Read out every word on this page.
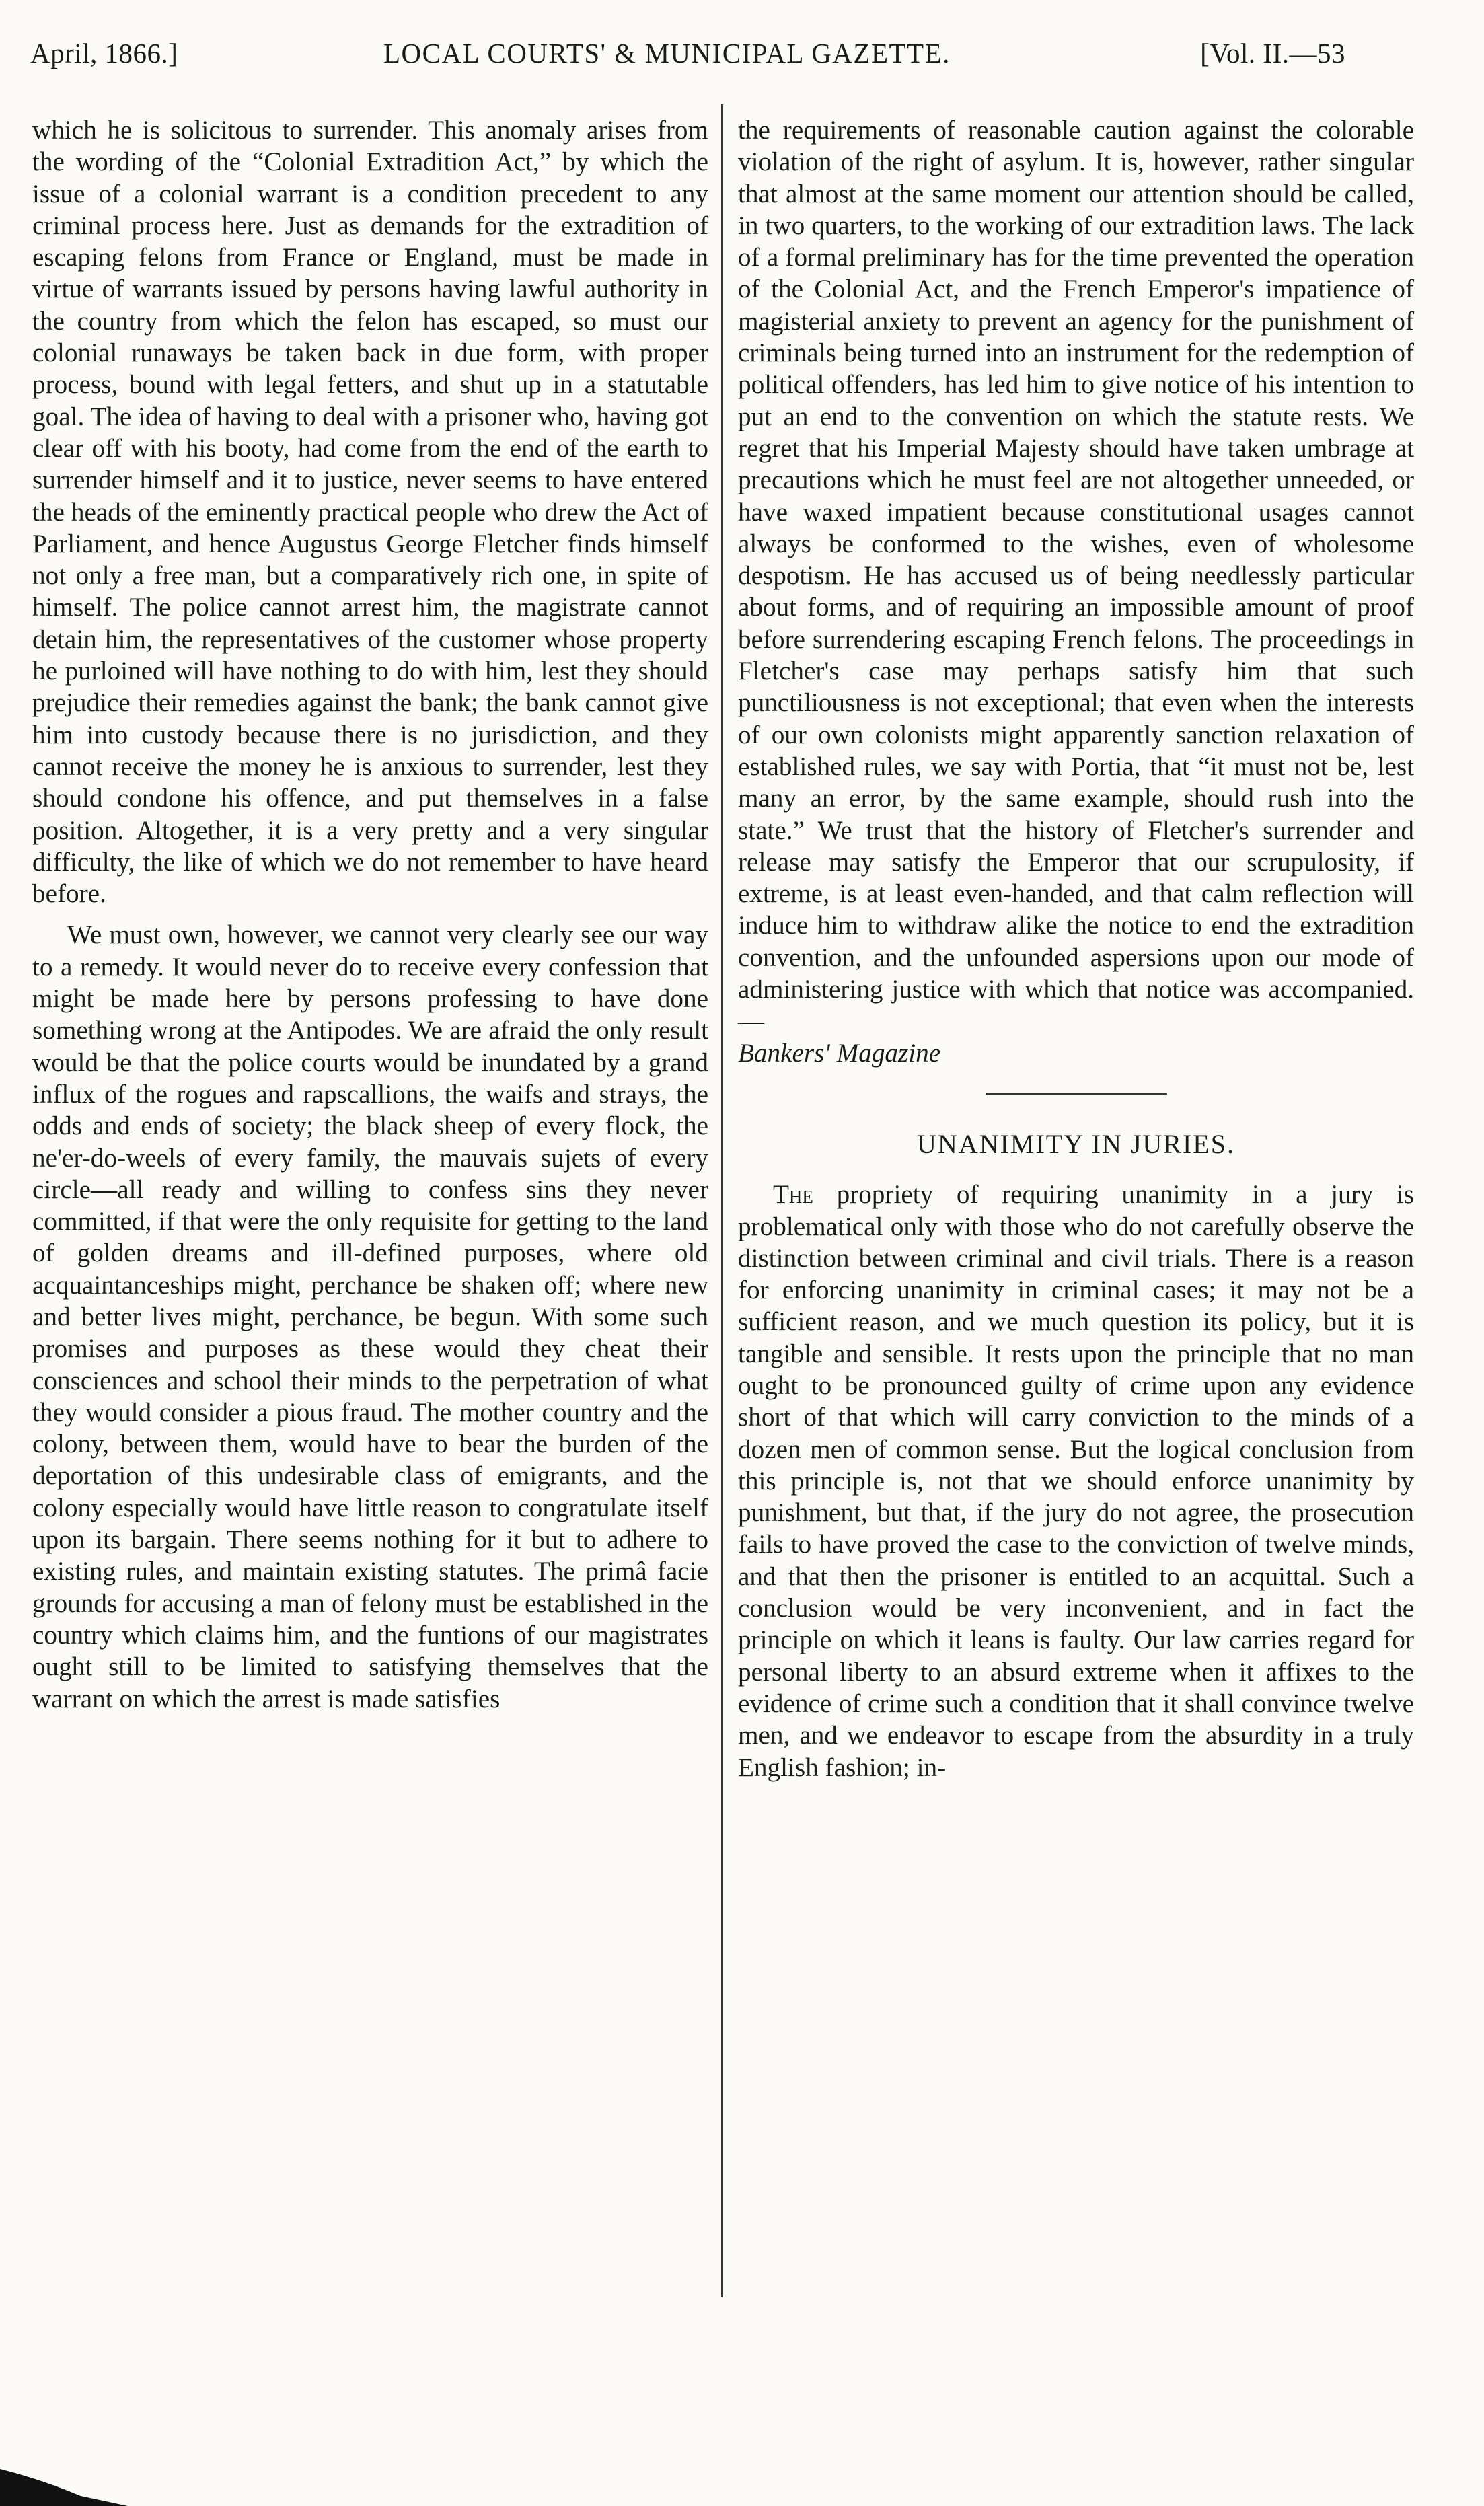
April, 1866.]	LOCAL COURTS' & MUNICIPAL GAZETTE.	[Vol. II.—53

which he is solicitous to surrender. This anomaly arises from the wording of the “Colonial Extradition Act,” by which the issue of a colonial warrant is a condition precedent to any criminal process here. Just as demands for the extradition of escaping felons from France or England, must be made in virtue of warrants issued by persons having lawful authority in the country from which the felon has escaped, so must our colonial runaways be taken back in due form, with proper process, bound with legal fetters, and shut up in a statutable goal. The idea of having to deal with a prisoner who, having got clear off with his booty, had come from the end of the earth to surrender himself and it to justice, never seems to have entered the heads of the eminently practical people who drew the Act of Parliament, and hence Augustus George Fletcher finds himself not only a free man, but a comparatively rich one, in spite of himself. The police cannot arrest him, the magistrate cannot detain him, the representatives of the customer whose property he purloined will have nothing to do with him, lest they should prejudice their remedies against the bank; the bank cannot give him into custody because there is no jurisdiction, and they cannot receive the money he is anxious to surrender, lest they should condone his offence, and put themselves in a false position. Altogether, it is a very pretty and a very singular difficulty, the like of which we do not remember to have heard before.

We must own, however, we cannot very clearly see our way to a remedy. It would never do to receive every confession that might be made here by persons professing to have done something wrong at the Antipodes. We are afraid the only result would be that the police courts would be inundated by a grand influx of the rogues and rapscallions, the waifs and strays, the odds and ends of society; the black sheep of every flock, the ne'er-do-weels of every family, the mauvais sujets of every circle—all ready and willing to confess sins they never committed, if that were the only requisite for getting to the land of golden dreams and ill-defined purposes, where old acquaintanceships might, perchance be shaken off; where new and better lives might, perchance, be begun. With some such promises and purposes as these would they cheat their consciences and school their minds to the perpetration of what they would consider a pious fraud. The mother country and the colony, between them, would have to bear the burden of the deportation of this undesirable class of emigrants, and the colony especially would have little reason to congratulate itself upon its bargain. There seems nothing for it but to adhere to existing rules, and maintain existing statutes. The primâ facie grounds for accusing a man of felony must be established in the country which claims him, and the funtions of our magistrates ought still to be limited to satisfying themselves that the warrant on which the arrest is made satisfies

the requirements of reasonable caution against the colorable violation of the right of asylum. It is, however, rather singular that almost at the same moment our attention should be called, in two quarters, to the working of our extradition laws. The lack of a formal preliminary has for the time prevented the operation of the Colonial Act, and the French Emperor's impatience of magisterial anxiety to prevent an agency for the punishment of criminals being turned into an instrument for the redemption of political offenders, has led him to give notice of his intention to put an end to the convention on which the statute rests. We regret that his Imperial Majesty should have taken umbrage at precautions which he must feel are not altogether unneeded, or have waxed impatient because constitutional usages cannot always be conformed to the wishes, even of wholesome despotism. He has accused us of being needlessly particular about forms, and of requiring an impossible amount of proof before surrendering escaping French felons. The proceedings in Fletcher's case may perhaps satisfy him that such punctiliousness is not exceptional; that even when the interests of our own colonists might apparently sanction relaxation of established rules, we say with Portia, that “it must not be, lest many an error, by the same example, should rush into the state.” We trust that the history of Fletcher's surrender and release may satisfy the Emperor that our scrupulosity, if extreme, is at least even-handed, and that calm reflection will induce him to withdraw alike the notice to end the extradition convention, and the unfounded aspersions upon our mode of administering justice with which that notice was accompanied.—
Bankers' Magazine

UNANIMITY IN JURIES.

The propriety of requiring unanimity in a jury is problematical only with those who do not carefully observe the distinction between criminal and civil trials. There is a reason for enforcing unanimity in criminal cases; it may not be a sufficient reason, and we much question its policy, but it is tangible and sensible. It rests upon the principle that no man ought to be pronounced guilty of crime upon any evidence short of that which will carry conviction to the minds of a dozen men of common sense. But the logical conclusion from this principle is, not that we should enforce unanimity by punishment, but that, if the jury do not agree, the prosecution fails to have proved the case to the conviction of twelve minds, and that then the prisoner is entitled to an acquittal. Such a conclusion would be very inconvenient, and in fact the principle on which it leans is faulty. Our law carries regard for personal liberty to an absurd extreme when it affixes to the evidence of crime such a condition that it shall convince twelve men, and we endeavor to escape from the absurdity in a truly English fashion; in-
